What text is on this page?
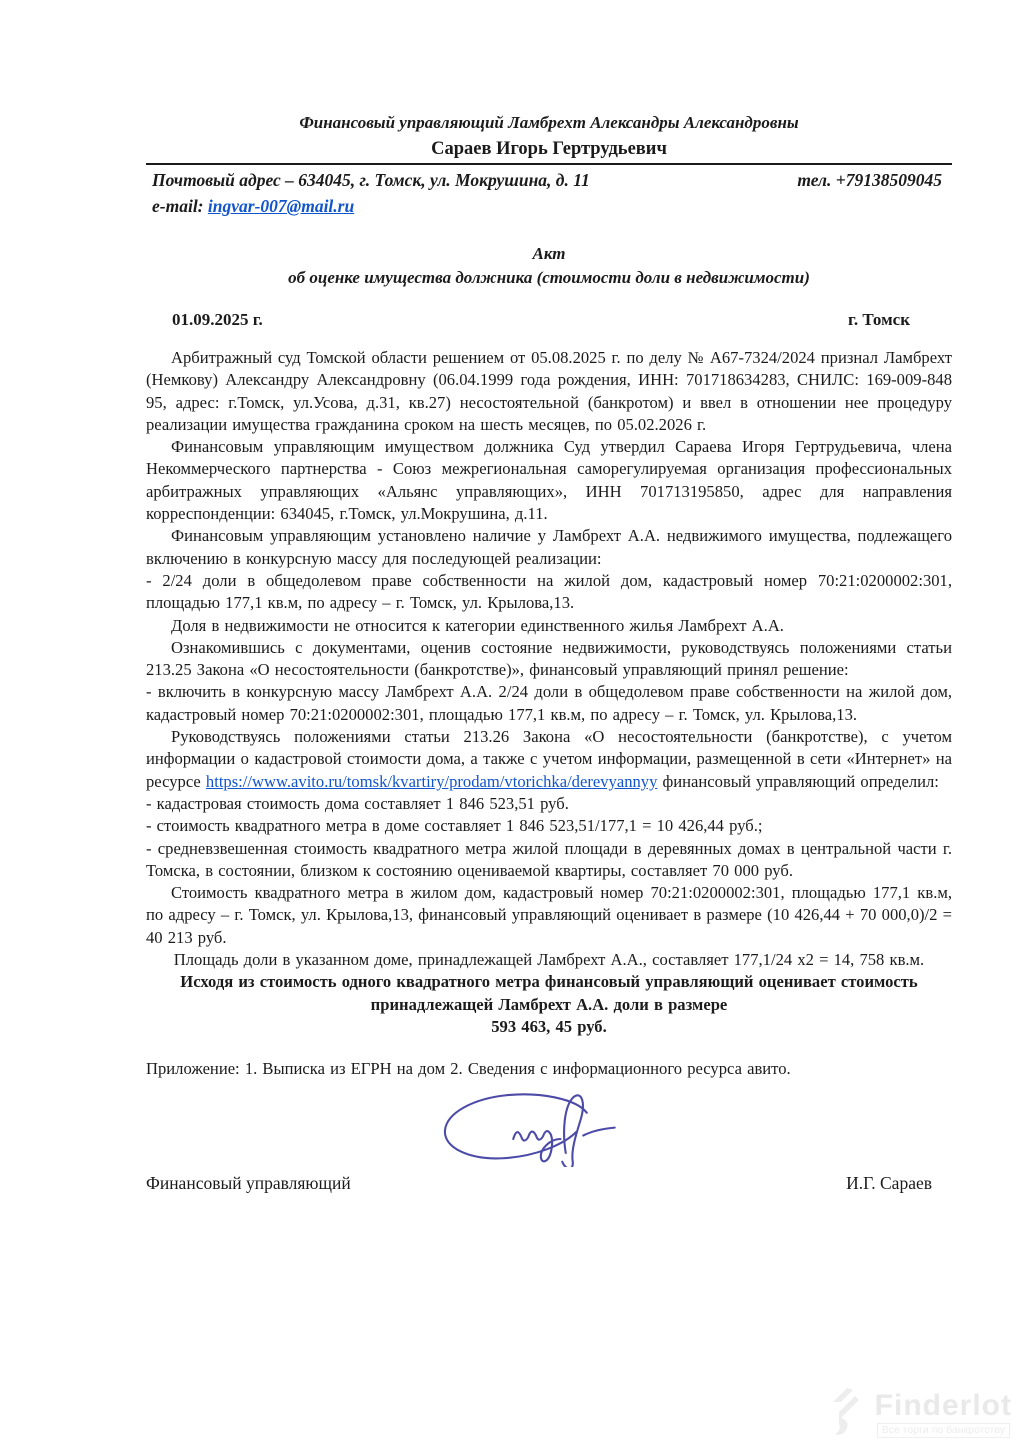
Финансовый управляющий Ламбрехт Александры Александровны
Сараев Игорь Гертрудьевич
Почтовый адрес – 634045, г. Томск, ул. Мокрушина, д. 11	тел. +79138509045
e-mail: ingvar-007@mail.ru
Акт
об оценке имущества должника (стоимости доли в недвижимости)
01.09.2025 г.	г. Томск

Арбитражный суд Томской области решением от 05.08.2025 г. по делу № А67-7324/2024 признал Ламбрехт (Немкову) Александру Александровну (06.04.1999 года рождения, ИНН: 701718634283, СНИЛС: 169-009-848 95, адрес: г.Томск, ул.Усова, д.31, кв.27) несостоятельной (банкротом) и ввел в отношении нее процедуру реализации имущества гражданина сроком на шесть месяцев, по 05.02.2026 г.

Финансовым управляющим имуществом должника Суд утвердил Сараева Игоря Гертрудьевича, члена Некоммерческого партнерства - Союз межрегиональная саморегулируемая организация профессиональных арбитражных управляющих «Альянс управляющих», ИНН 701713195850, адрес для направления корреспонденции: 634045, г.Томск, ул.Мокрушина, д.11.

Финансовым управляющим установлено наличие у Ламбрехт А.А. недвижимого имущества, подлежащего включению в конкурсную массу для последующей реализации:

- 2/24 доли в общедолевом праве собственности на жилой дом, кадастровый номер 70:21:0200002:301, площадью 177,1 кв.м, по адресу – г. Томск, ул. Крылова,13.

Доля в недвижимости не относится к категории единственного жилья Ламбрехт А.А.

Ознакомившись с документами, оценив состояние недвижимости, руководствуясь положениями статьи 213.25 Закона «О несостоятельности (банкротстве)», финансовый управляющий принял решение:

- включить в конкурсную массу Ламбрехт А.А. 2/24 доли в общедолевом праве собственности на жилой дом, кадастровый номер 70:21:0200002:301, площадью 177,1 кв.м, по адресу – г. Томск, ул. Крылова,13.

Руководствуясь положениями статьи 213.26 Закона «О несостоятельности (банкротстве), с учетом информации о кадастровой стоимости дома, а также с учетом информации, размещенной в сети «Интернет» на ресурсе https://www.avito.ru/tomsk/kvartiry/prodam/vtorichka/derevyannyy финансовый управляющий определил:

- кадастровая стоимость дома составляет 1 846 523,51 руб.

- стоимость квадратного метра в доме составляет 1 846 523,51/177,1 = 10 426,44 руб.;

- средневзвешенная стоимость квадратного метра жилой площади в деревянных домах в центральной части г. Томска, в состоянии, близком к состоянию оцениваемой квартиры, составляет 70 000 руб.

Стоимость квадратного метра в жилом дом, кадастровый номер 70:21:0200002:301, площадью 177,1 кв.м, по адресу – г. Томск, ул. Крылова,13, финансовый управляющий оценивает в размере (10 426,44 + 70 000,0)/2 = 40 213 руб.

Площадь доли в указанном доме, принадлежащей Ламбрехт А.А., составляет 177,1/24 х2 = 14, 758 кв.м.

Исходя из стоимость одного квадратного метра финансовый управляющий оценивает стоимость принадлежащей Ламбрехт А.А. доли в размере

593 463, 45 руб.

Приложение: 1. Выписка из ЕГРН на дом 2. Сведения с информационного ресурса авито.

Финансовый управляющий	И.Г. Сараев
Finderlot
Все торги по банкротству
